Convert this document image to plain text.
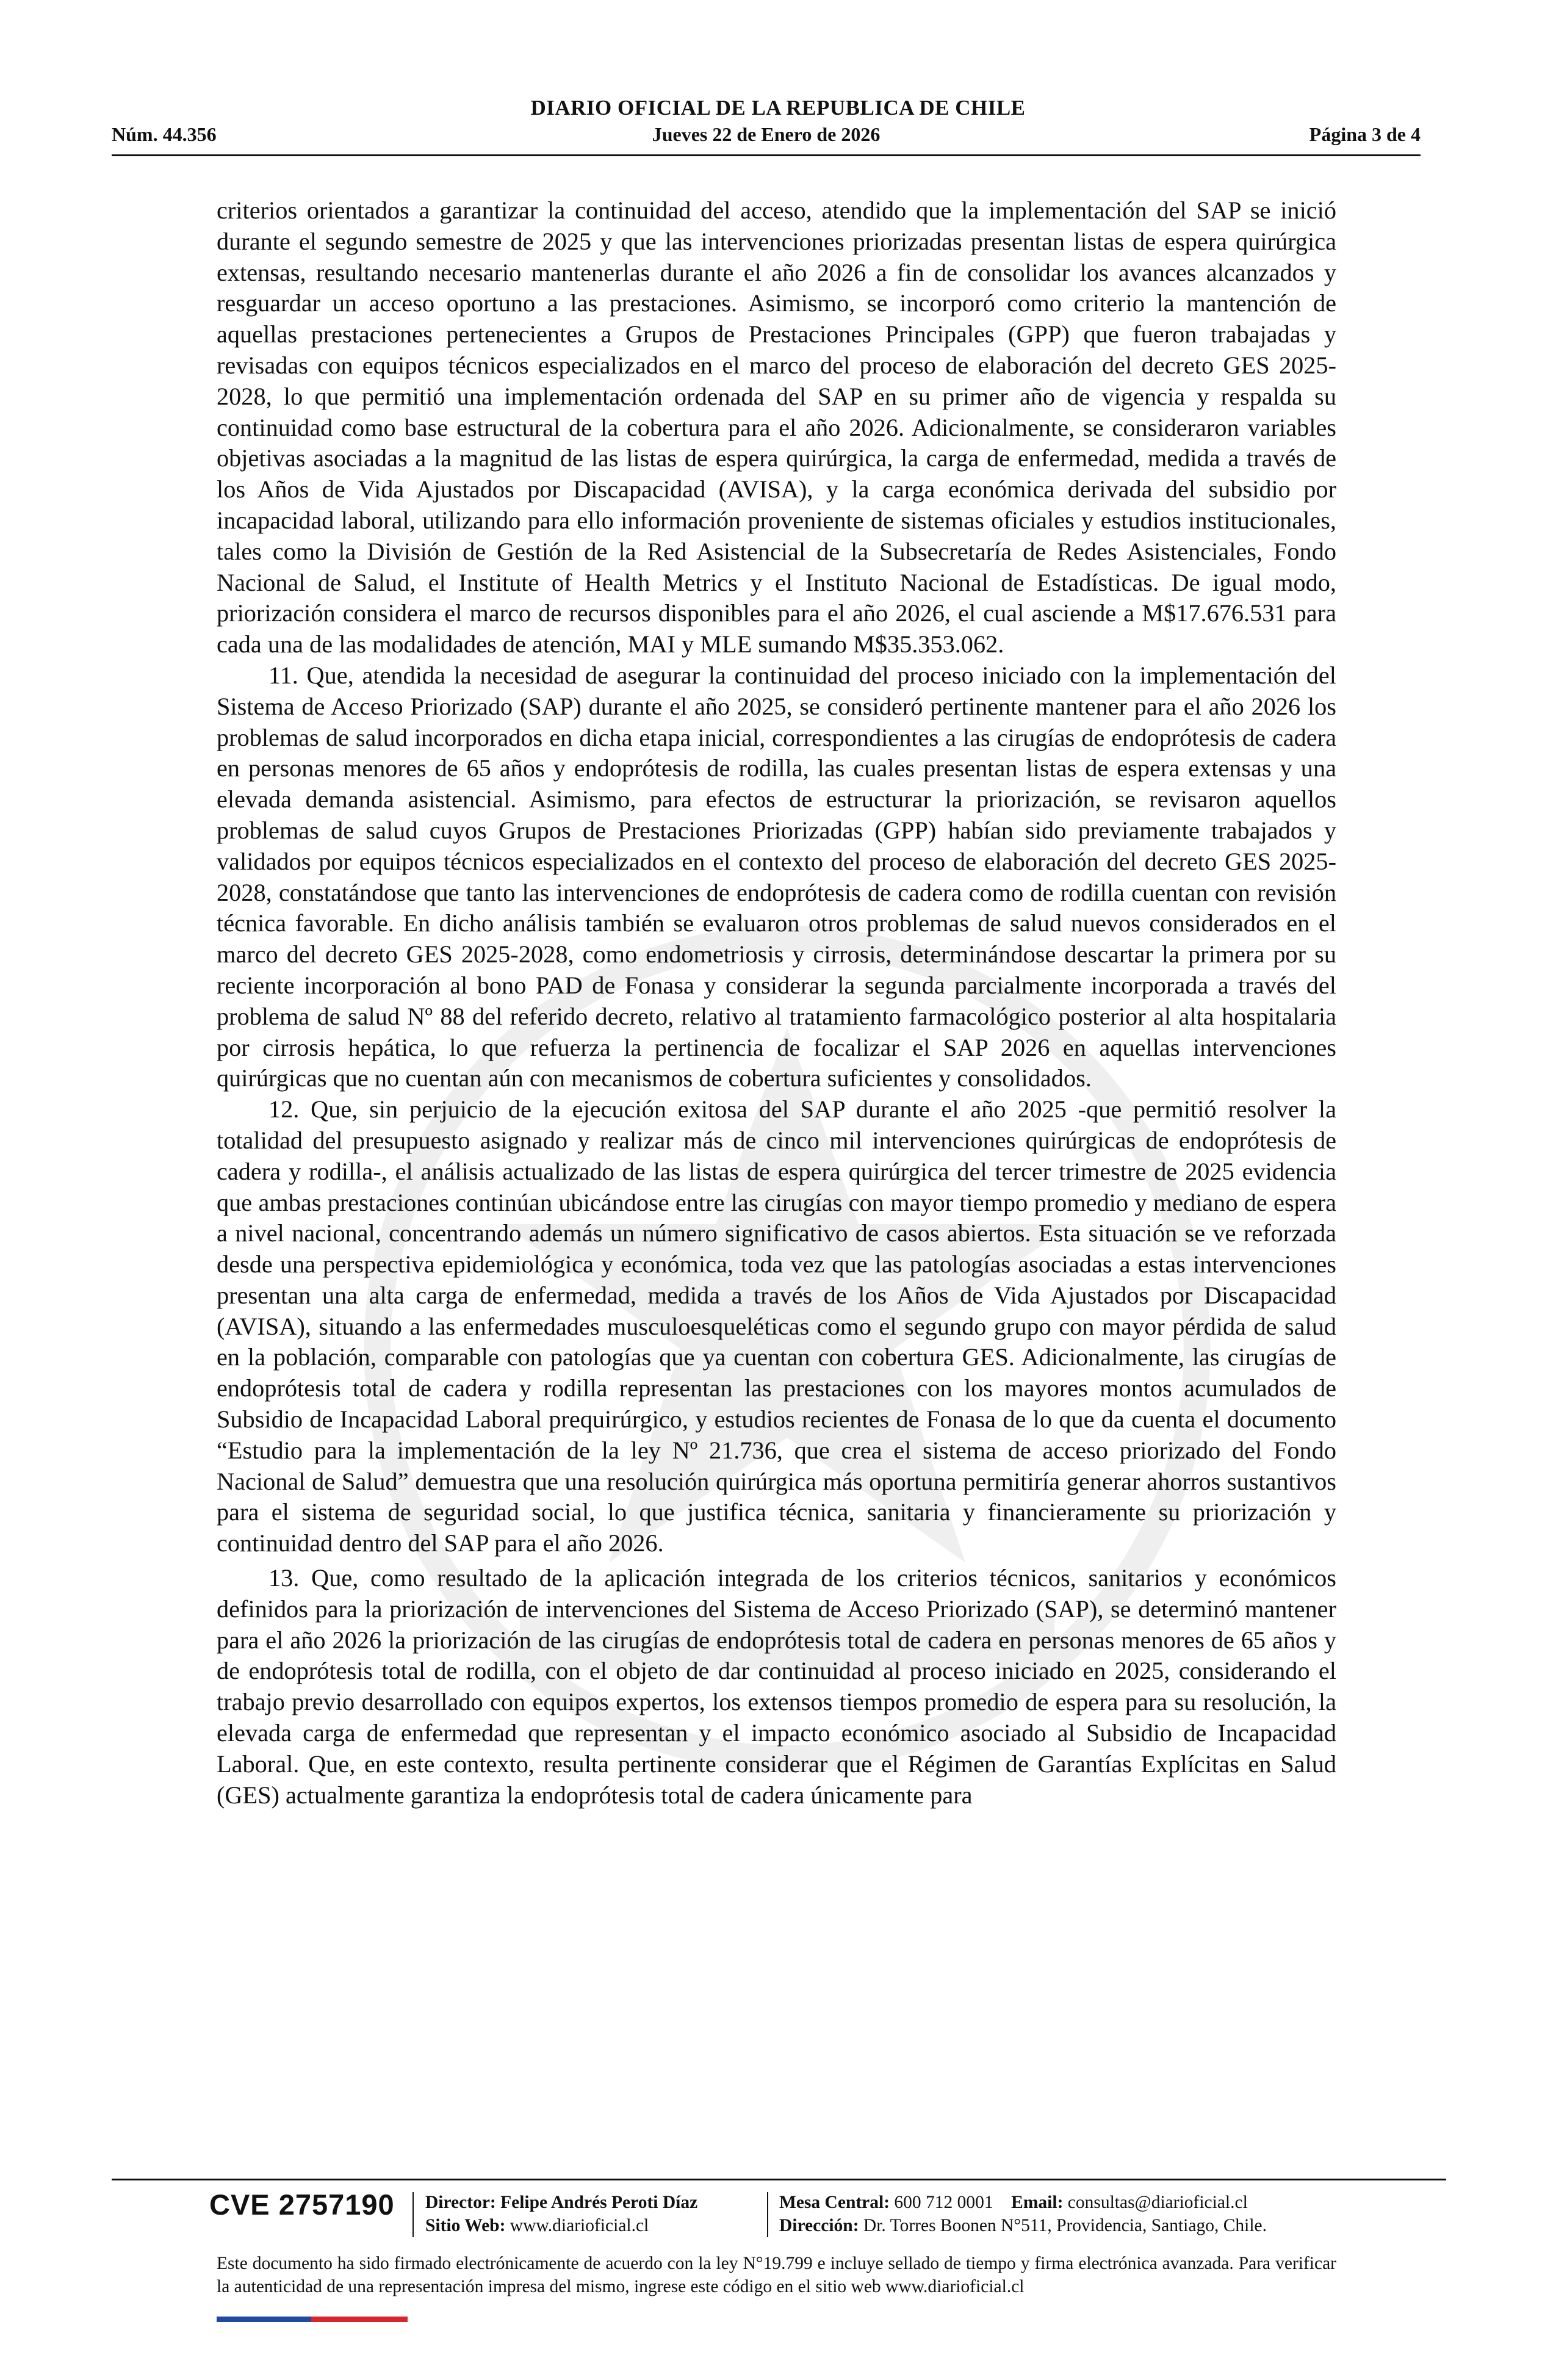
DIARIO OFICIAL DE LA REPUBLICA DE CHILE
Núm. 44.356	Jueves 22 de Enero de 2026	Página 3 de 4

criterios orientados a garantizar la continuidad del acceso, atendido que la implementación del SAP se inició durante el segundo semestre de 2025 y que las intervenciones priorizadas presentan listas de espera quirúrgica extensas, resultando necesario mantenerlas durante el año 2026 a fin de consolidar los avances alcanzados y resguardar un acceso oportuno a las prestaciones. Asimismo, se incorporó como criterio la mantención de aquellas prestaciones pertenecientes a Grupos de Prestaciones Principales (GPP) que fueron trabajadas y revisadas con equipos técnicos especializados en el marco del proceso de elaboración del decreto GES 2025-2028, lo que permitió una implementación ordenada del SAP en su primer año de vigencia y respalda su continuidad como base estructural de la cobertura para el año 2026. Adicionalmente, se consideraron variables objetivas asociadas a la magnitud de las listas de espera quirúrgica, la carga de enfermedad, medida a través de los Años de Vida Ajustados por Discapacidad (AVISA), y la carga económica derivada del subsidio por incapacidad laboral, utilizando para ello información proveniente de sistemas oficiales y estudios institucionales, tales como la División de Gestión de la Red Asistencial de la Subsecretaría de Redes Asistenciales, Fondo Nacional de Salud, el Institute of Health Metrics y el Instituto Nacional de Estadísticas. De igual modo, priorización considera el marco de recursos disponibles para el año 2026, el cual asciende a M$17.676.531 para cada una de las modalidades de atención, MAI y MLE sumando M$35.353.062.

11. Que, atendida la necesidad de asegurar la continuidad del proceso iniciado con la implementación del Sistema de Acceso Priorizado (SAP) durante el año 2025, se consideró pertinente mantener para el año 2026 los problemas de salud incorporados en dicha etapa inicial, correspondientes a las cirugías de endoprótesis de cadera en personas menores de 65 años y endoprótesis de rodilla, las cuales presentan listas de espera extensas y una elevada demanda asistencial. Asimismo, para efectos de estructurar la priorización, se revisaron aquellos problemas de salud cuyos Grupos de Prestaciones Priorizadas (GPP) habían sido previamente trabajados y validados por equipos técnicos especializados en el contexto del proceso de elaboración del decreto GES 2025-2028, constatándose que tanto las intervenciones de endoprótesis de cadera como de rodilla cuentan con revisión técnica favorable. En dicho análisis también se evaluaron otros problemas de salud nuevos considerados en el marco del decreto GES 2025-2028, como endometriosis y cirrosis, determinándose descartar la primera por su reciente incorporación al bono PAD de Fonasa y considerar la segunda parcialmente incorporada a través del problema de salud Nº 88 del referido decreto, relativo al tratamiento farmacológico posterior al alta hospitalaria por cirrosis hepática, lo que refuerza la pertinencia de focalizar el SAP 2026 en aquellas intervenciones quirúrgicas que no cuentan aún con mecanismos de cobertura suficientes y consolidados.

12. Que, sin perjuicio de la ejecución exitosa del SAP durante el año 2025 -que permitió resolver la totalidad del presupuesto asignado y realizar más de cinco mil intervenciones quirúrgicas de endoprótesis de cadera y rodilla-, el análisis actualizado de las listas de espera quirúrgica del tercer trimestre de 2025 evidencia que ambas prestaciones continúan ubicándose entre las cirugías con mayor tiempo promedio y mediano de espera a nivel nacional, concentrando además un número significativo de casos abiertos. Esta situación se ve reforzada desde una perspectiva epidemiológica y económica, toda vez que las patologías asociadas a estas intervenciones presentan una alta carga de enfermedad, medida a través de los Años de Vida Ajustados por Discapacidad (AVISA), situando a las enfermedades musculoesqueléticas como el segundo grupo con mayor pérdida de salud en la población, comparable con patologías que ya cuentan con cobertura GES. Adicionalmente, las cirugías de endoprótesis total de cadera y rodilla representan las prestaciones con los mayores montos acumulados de Subsidio de Incapacidad Laboral prequirúrgico, y estudios recientes de Fonasa de lo que da cuenta el documento “Estudio para la implementación de la ley Nº 21.736, que crea el sistema de acceso priorizado del Fondo Nacional de Salud” demuestra que una resolución quirúrgica más oportuna permitiría generar ahorros sustantivos para el sistema de seguridad social, lo que justifica técnica, sanitaria y financieramente su priorización y continuidad dentro del SAP para el año 2026.

13. Que, como resultado de la aplicación integrada de los criterios técnicos, sanitarios y económicos definidos para la priorización de intervenciones del Sistema de Acceso Priorizado (SAP), se determinó mantener para el año 2026 la priorización de las cirugías de endoprótesis total de cadera en personas menores de 65 años y de endoprótesis total de rodilla, con el objeto de dar continuidad al proceso iniciado en 2025, considerando el trabajo previo desarrollado con equipos expertos, los extensos tiempos promedio de espera para su resolución, la elevada carga de enfermedad que representan y el impacto económico asociado al Subsidio de Incapacidad Laboral. Que, en este contexto, resulta pertinente considerar que el Régimen de Garantías Explícitas en Salud (GES) actualmente garantiza la endoprótesis total de cadera únicamente para

CVE 2757190 Director: Felipe Andrés Peroti Díaz
Sitio Web: www.diarioficial.cl
Mesa Central: 600 712 0001 Email: consultas@diarioficial.cl
Dirección: Dr. Torres Boonen N°511, Providencia, Santiago, Chile.
Este documento ha sido firmado electrónicamente de acuerdo con la ley N°19.799 e incluye sellado de tiempo y firma electrónica avanzada. Para verificar la autenticidad de una representación impresa del mismo, ingrese este código en el sitio web www.diarioficial.cl
